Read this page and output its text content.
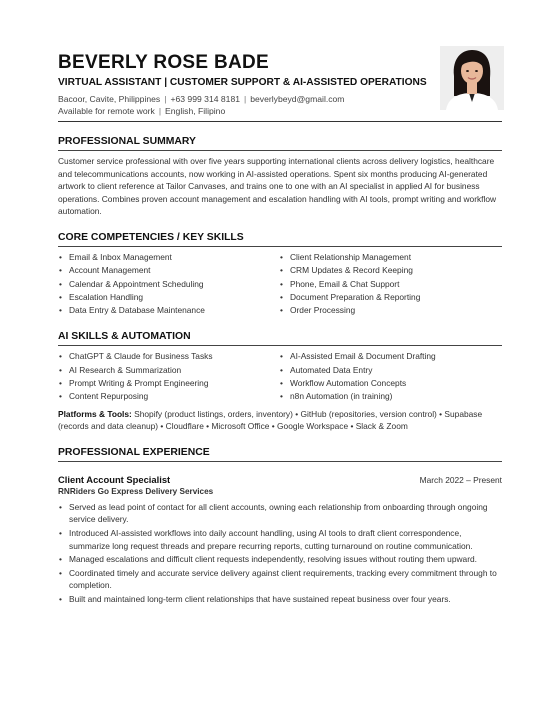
BEVERLY ROSE BADE
VIRTUAL ASSISTANT | CUSTOMER SUPPORT & AI-ASSISTED OPERATIONS
Bacoor, Cavite, Philippines | +63 999 314 8181 | beverlybeyd@gmail.com
Available for remote work | English, Filipino
PROFESSIONAL SUMMARY
Customer service professional with over five years supporting international clients across delivery logistics, healthcare and telecommunications accounts, now working in AI-assisted operations. Spent six months producing AI-generated artwork to client reference at Tailor Canvases, and trains one to one with an AI specialist in applied AI for business operations. Combines proven account management and escalation handling with AI tools, prompt writing and workflow automation.
CORE COMPETENCIES / KEY SKILLS
• Email & Inbox Management
• Account Management
• Calendar & Appointment Scheduling
• Escalation Handling
• Data Entry & Database Maintenance
• Client Relationship Management
• CRM Updates & Record Keeping
• Phone, Email & Chat Support
• Document Preparation & Reporting
• Order Processing
AI SKILLS & AUTOMATION
• ChatGPT & Claude for Business Tasks
• AI Research & Summarization
• Prompt Writing & Prompt Engineering
• Content Repurposing
• AI-Assisted Email & Document Drafting
• Automated Data Entry
• Workflow Automation Concepts
• n8n Automation (in training)
Platforms & Tools: Shopify (product listings, orders, inventory) • GitHub (repositories, version control) • Supabase (records and data cleanup) • Cloudflare • Microsoft Office • Google Workspace • Slack & Zoom
PROFESSIONAL EXPERIENCE
Client Account Specialist	March 2022 – Present
RNRiders Go Express Delivery Services
• Served as lead point of contact for all client accounts, owning each relationship from onboarding through ongoing service delivery.
• Introduced AI-assisted workflows into daily account handling, using AI tools to draft client correspondence, summarize long request threads and prepare recurring reports, cutting turnaround on routine communication.
• Managed escalations and difficult client requests independently, resolving issues without routing them upward.
• Coordinated timely and accurate service delivery against client requirements, tracking every commitment through to completion.
• Built and maintained long-term client relationships that have sustained repeat business over four years.
